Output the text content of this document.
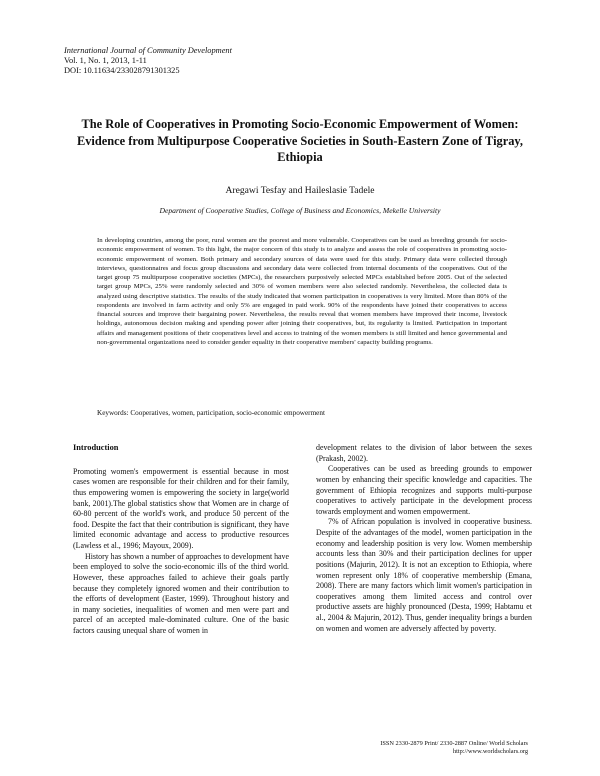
International Journal of Community Development
Vol. 1, No. 1, 2013, 1-11
DOI: 10.11634/233028791301325
The Role of Cooperatives in Promoting Socio-Economic Empowerment of Women: Evidence from Multipurpose Cooperative Societies in South-Eastern Zone of Tigray, Ethiopia
Aregawi Tesfay and Haileslasie Tadele
Department of Cooperative Studies, College of Business and Economics, Mekelle University
In developing countries, among the poor, rural women are the poorest and more vulnerable. Cooperatives can be used as breeding grounds for socio-economic empowerment of women. To this light, the major concern of this study is to analyze and assess the role of cooperatives in promoting socio-economic empowerment of women. Both primary and secondary sources of data were used for this study. Primary data were collected through interviews, questionnaires and focus group discussions and secondary data were collected from internal documents of the cooperatives. Out of the target group 75 multipurpose cooperative societies (MPCs), the researchers purposively selected MPCs established before 2005. Out of the selected target group MPCs, 25% were randomly selected and 30% of women members were also selected randomly. Nevertheless, the collected data is analyzed using descriptive statistics. The results of the study indicated that women participation in cooperatives is very limited. More than 80% of the respondents are involved in farm activity and only 5% are engaged in paid work. 90% of the respondents have joined their cooperatives to access financial sources and improve their bargaining power. Nevertheless, the results reveal that women members have improved their income, livestock holdings, autonomous decision making and spending power after joining their cooperatives, but, its regularity is limited. Participation in important affairs and management positions of their cooperatives level and access to training of the women members is still limited and hence governmental and non-governmental organizations need to consider gender equality in their cooperative members' capacity building programs.
Keywords: Cooperatives, women, participation, socio-economic empowerment
Introduction

Promoting women's empowerment is essential because in most cases women are responsible for their children and for their family, thus empowering women is empowering the society in large(world bank, 2001).The global statistics show that Women are in charge of 60-80 percent of the world's work, and produce 50 percent of the food. Despite the fact that their contribution is significant, they have limited economic advantage and access to productive resources (Lawless et al., 1996; Mayoux, 2009).

History has shown a number of approaches to development have been employed to solve the socio-economic ills of the third world. However, these approaches failed to achieve their goals partly because they completely ignored women and their contribution to the efforts of development (Easter, 1999). Throughout history and in many societies, inequalities of women and men were part and parcel of an accepted male-dominated culture. One of the basic factors causing unequal share of women in

development relates to the division of labor between the sexes (Prakash, 2002).

Cooperatives can be used as breeding grounds to empower women by enhancing their specific knowledge and capacities. The government of Ethiopia recognizes and supports multi-purpose cooperatives to actively participate in the development process towards employment and women empowerment.

7% of African population is involved in cooperative business. Despite of the advantages of the model, women participation in the economy and leadership position is very low. Women membership accounts less than 30% and their participation declines for upper positions (Majurin, 2012). It is not an exception to Ethiopia, where women represent only 18% of cooperative membership (Emana, 2008). There are many factors which limit women's participation in cooperatives among them limited access and control over productive assets are highly pronounced (Desta, 1999; Habtamu et al., 2004 & Majurin, 2012). Thus, gender inequality brings a burden on women and women are adversely affected by poverty.

ISSN 2330-2879 Print/ 2330-2887 Online/ World Scholars
http://www.worldscholars.org
